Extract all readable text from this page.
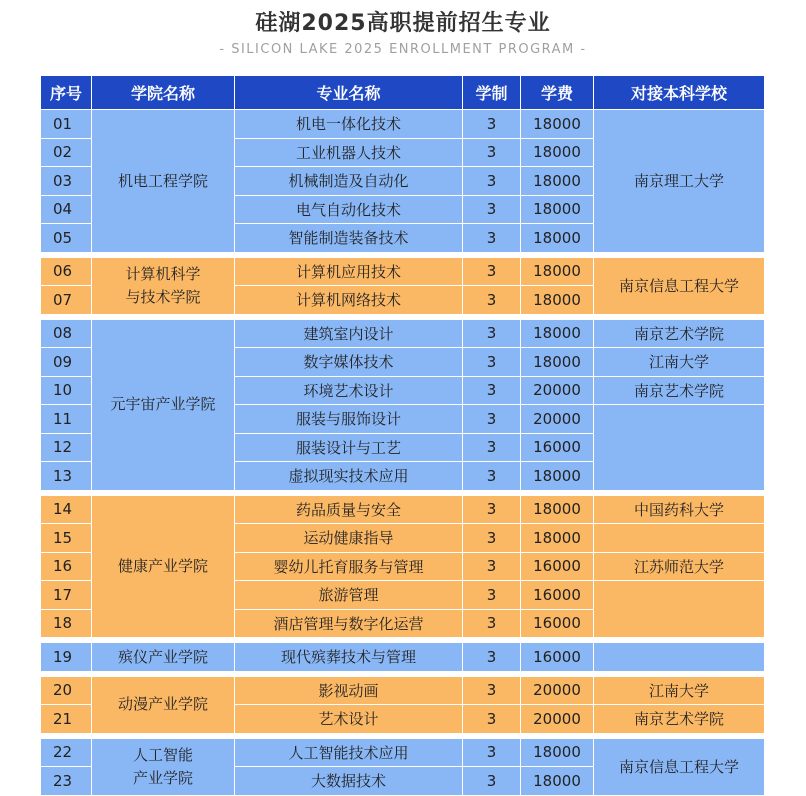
硅湖2025高职提前招生专业
- SILICON LAKE 2025 ENROLLMENT PROGRAM -
序号	学院名称	专业名称	学制	学费	对接本科学校
01	机电工程学院	机电一体化技术	3	18000	南京理工大学
02		工业机器人技术	3	18000	
03		机械制造及自动化	3	18000	
04		电气自动化技术	3	18000	
05		智能制造装备技术	3	18000	

06	计算机科学
与技术学院	计算机应用技术	3	18000	南京信息工程大学
07		计算机网络技术	3	18000	

08	元宇宙产业学院	建筑室内设计	3	18000	南京艺术学院
09		数字媒体技术	3	18000	江南大学
10		环境艺术设计	3	20000	南京艺术学院
11		服装与服饰设计	3	20000	
12		服装设计与工艺	3	16000	
13		虚拟现实技术应用	3	18000	

14	健康产业学院	药品质量与安全	3	18000	中国药科大学
15		运动健康指导	3	18000	
16		婴幼儿托育服务与管理	3	16000	江苏师范大学
17		旅游管理	3	16000	
18		酒店管理与数字化运营	3	16000	

19	殡仪产业学院	现代殡葬技术与管理	3	16000	

20	动漫产业学院	影视动画	3	20000	江南大学
21		艺术设计	3	20000	南京艺术学院

22	人工智能
产业学院	人工智能技术应用	3	18000	南京信息工程大学
23		大数据技术	3	18000	
